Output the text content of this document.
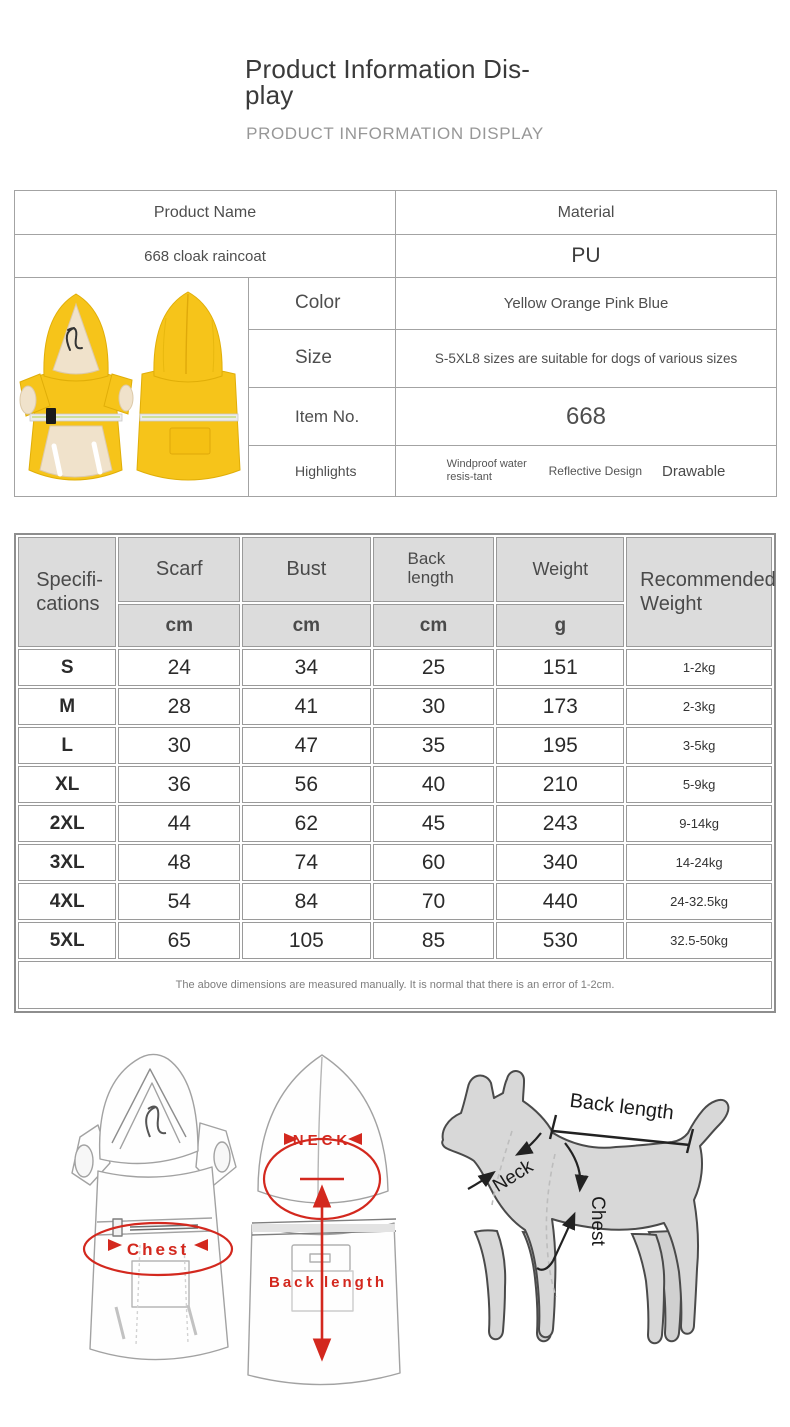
Product Information Dis-
play
PRODUCT INFORMATION DISPLAY
Product Name		Material
668 cloak raincoat		PU
	Color	Yellow Orange Pink Blue
	Size	S-5XL8 sizes are suitable for dogs of various sizes
	Item No.	668
	Highlights	Windproof water resis-tant Reflective Design Drawable
Specifi-cations	Scarf	Bust	Back length	Weight	Recommended Weight
	cm	cm	cm	g	
S	24	34	25	151	1-2kg
M	28	41	30	173	2-3kg
L	30	47	35	195	3-5kg
XL	36	56	40	210	5-9kg
2XL	44	62	45	243	9-14kg
3XL	48	74	60	340	14-24kg
4XL	54	84	70	440	24-32.5kg
5XL	65	105	85	530	32.5-50kg
The above dimensions are measured manually. It is normal that there is an error of 1-2cm.					
Chest
NECK
Back length
Back length
Neck
Chest
